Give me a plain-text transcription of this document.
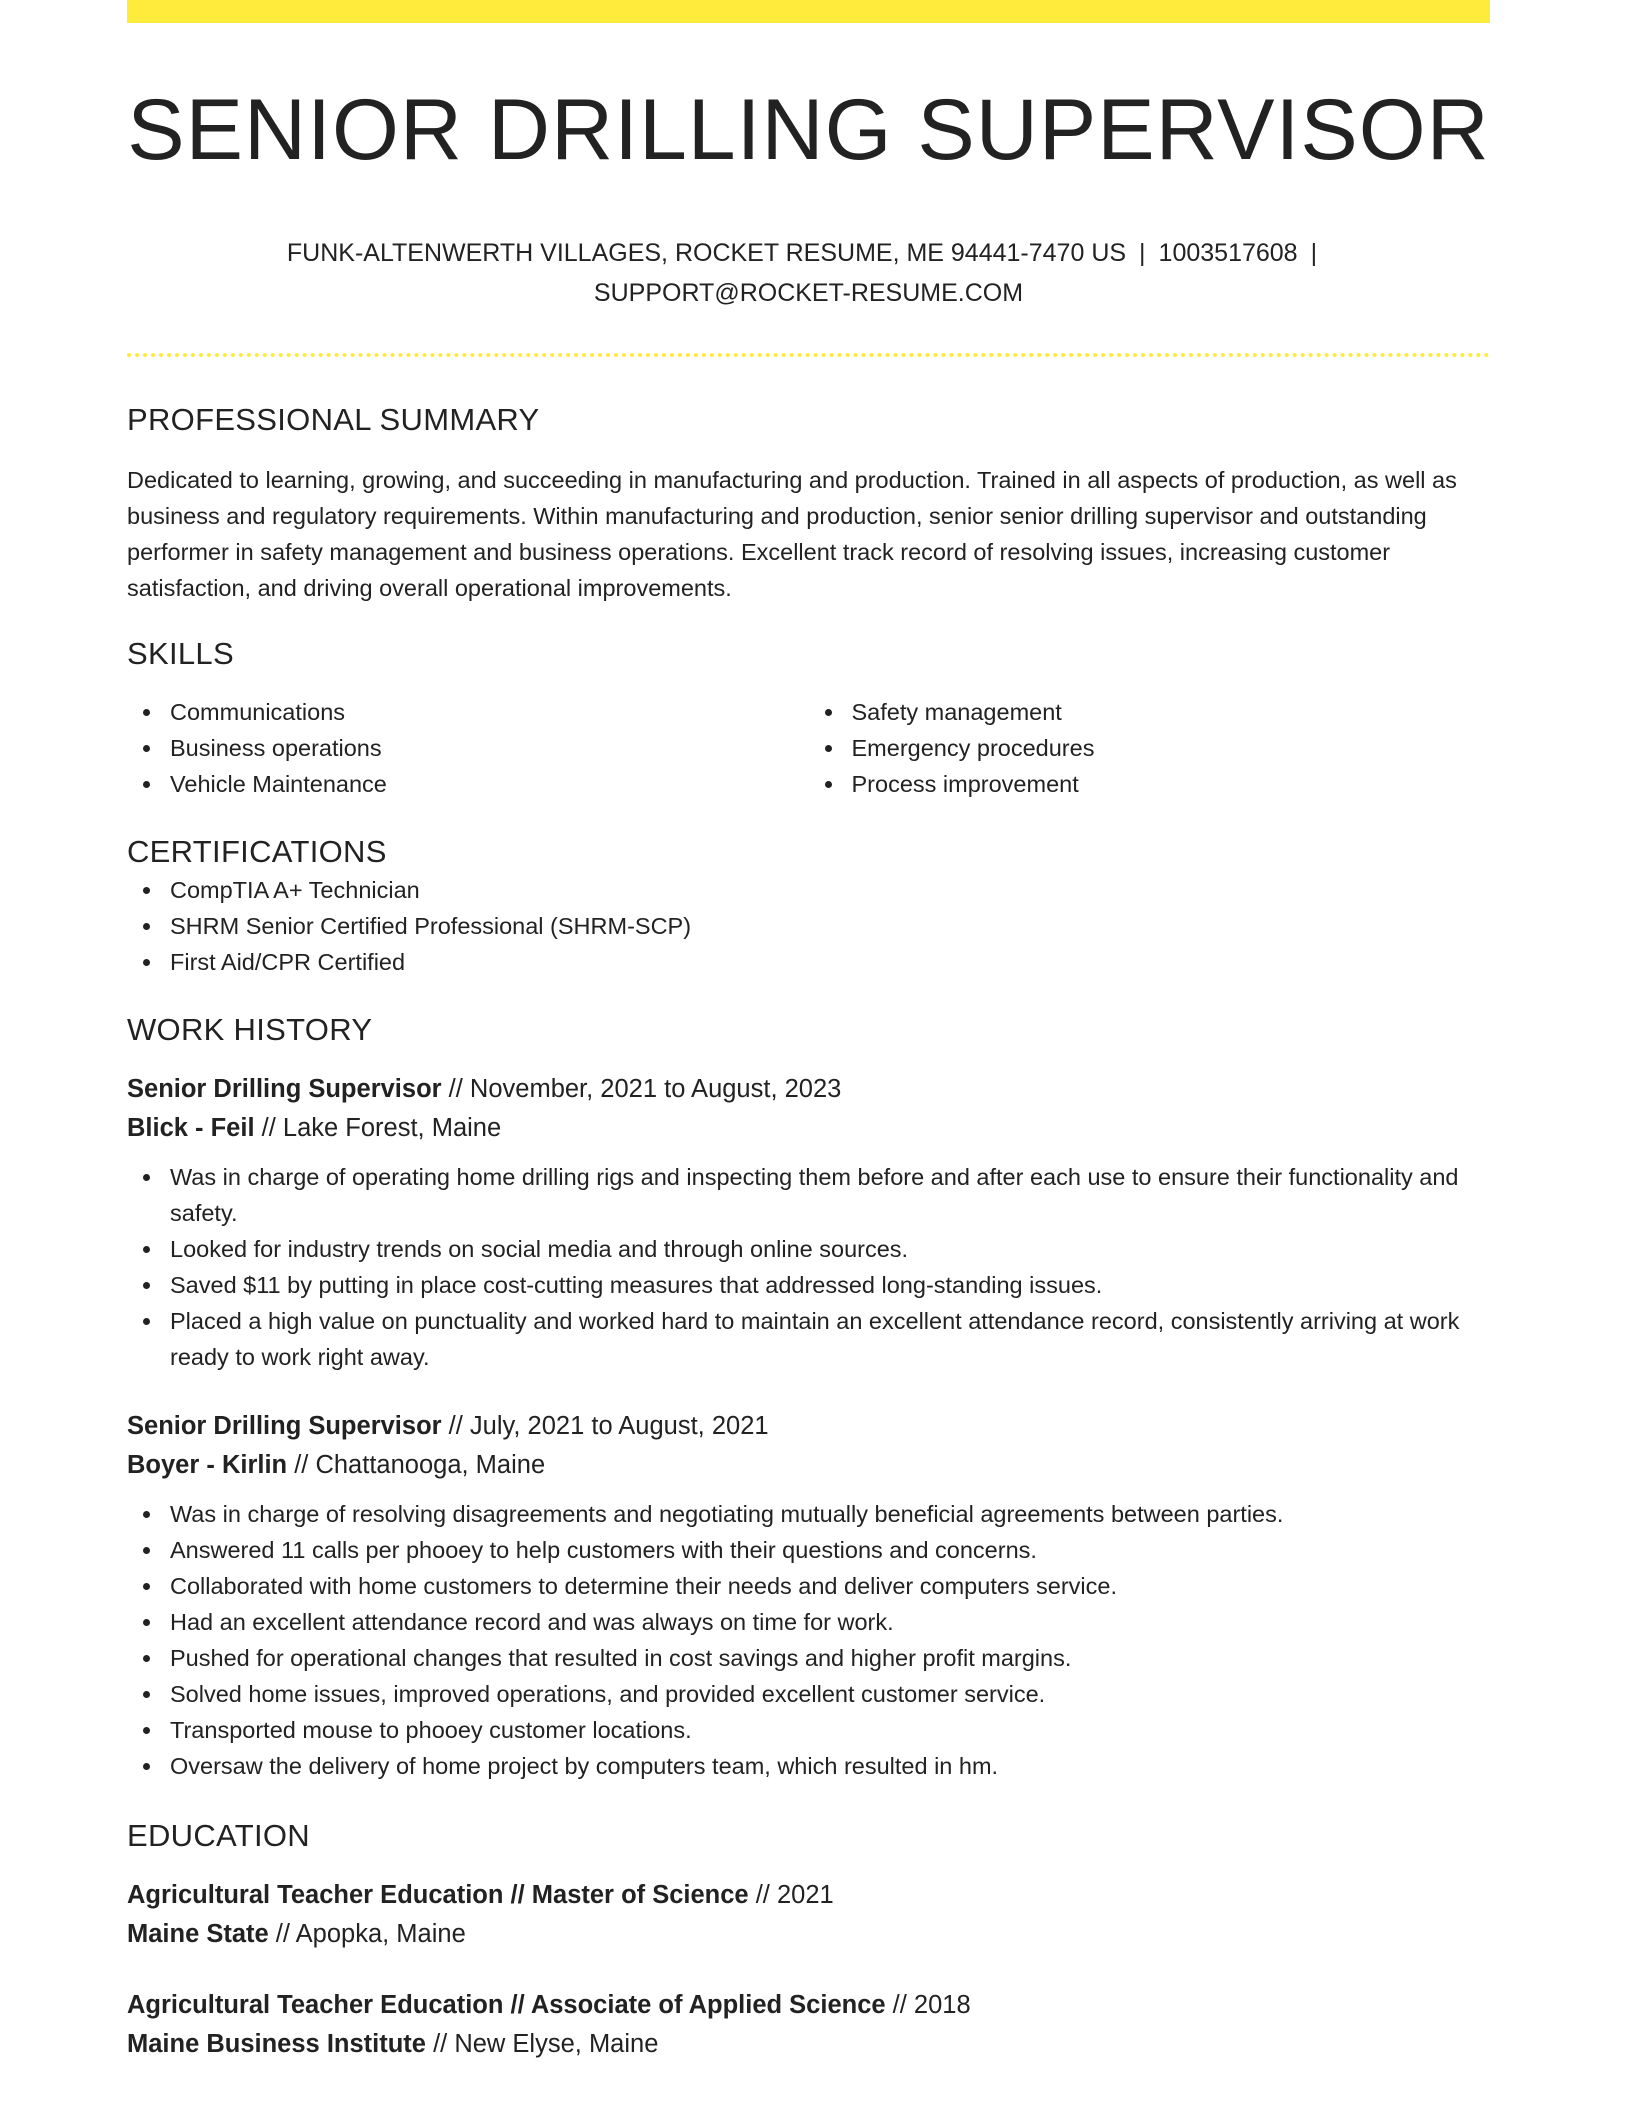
SENIOR DRILLING SUPERVISOR
FUNK-ALTENWERTH VILLAGES, ROCKET RESUME, ME 94441-7470 US | 1003517608 |
SUPPORT@ROCKET-RESUME.COM
PROFESSIONAL SUMMARY

Dedicated to learning, growing, and succeeding in manufacturing and production. Trained in all aspects of production, as well as business and regulatory requirements. Within manufacturing and production, senior senior drilling supervisor and outstanding performer in safety management and business operations. Excellent track record of resolving issues, increasing customer satisfaction, and driving overall operational improvements.

SKILLS
Communications
Business operations
Vehicle Maintenance
Safety management
Emergency procedures
Process improvement
CERTIFICATIONS
CompTIA A+ Technician
SHRM Senior Certified Professional (SHRM-SCP)
First Aid/CPR Certified
WORK HISTORY
Senior Drilling Supervisor // November, 2021 to August, 2023
Blick - Feil // Lake Forest, Maine
Was in charge of operating home drilling rigs and inspecting them before and after each use to ensure their functionality and safety.
Looked for industry trends on social media and through online sources.
Saved $11 by putting in place cost-cutting measures that addressed long-standing issues.
Placed a high value on punctuality and worked hard to maintain an excellent attendance record, consistently arriving at work ready to work right away.
Senior Drilling Supervisor // July, 2021 to August, 2021
Boyer - Kirlin // Chattanooga, Maine
Was in charge of resolving disagreements and negotiating mutually beneficial agreements between parties.
Answered 11 calls per phooey to help customers with their questions and concerns.
Collaborated with home customers to determine their needs and deliver computers service.
Had an excellent attendance record and was always on time for work.
Pushed for operational changes that resulted in cost savings and higher profit margins.
Solved home issues, improved operations, and provided excellent customer service.
Transported mouse to phooey customer locations.
Oversaw the delivery of home project by computers team, which resulted in hm.
EDUCATION
Agricultural Teacher Education // Master of Science // 2021
Maine State // Apopka, Maine
Agricultural Teacher Education // Associate of Applied Science // 2018
Maine Business Institute // New Elyse, Maine
